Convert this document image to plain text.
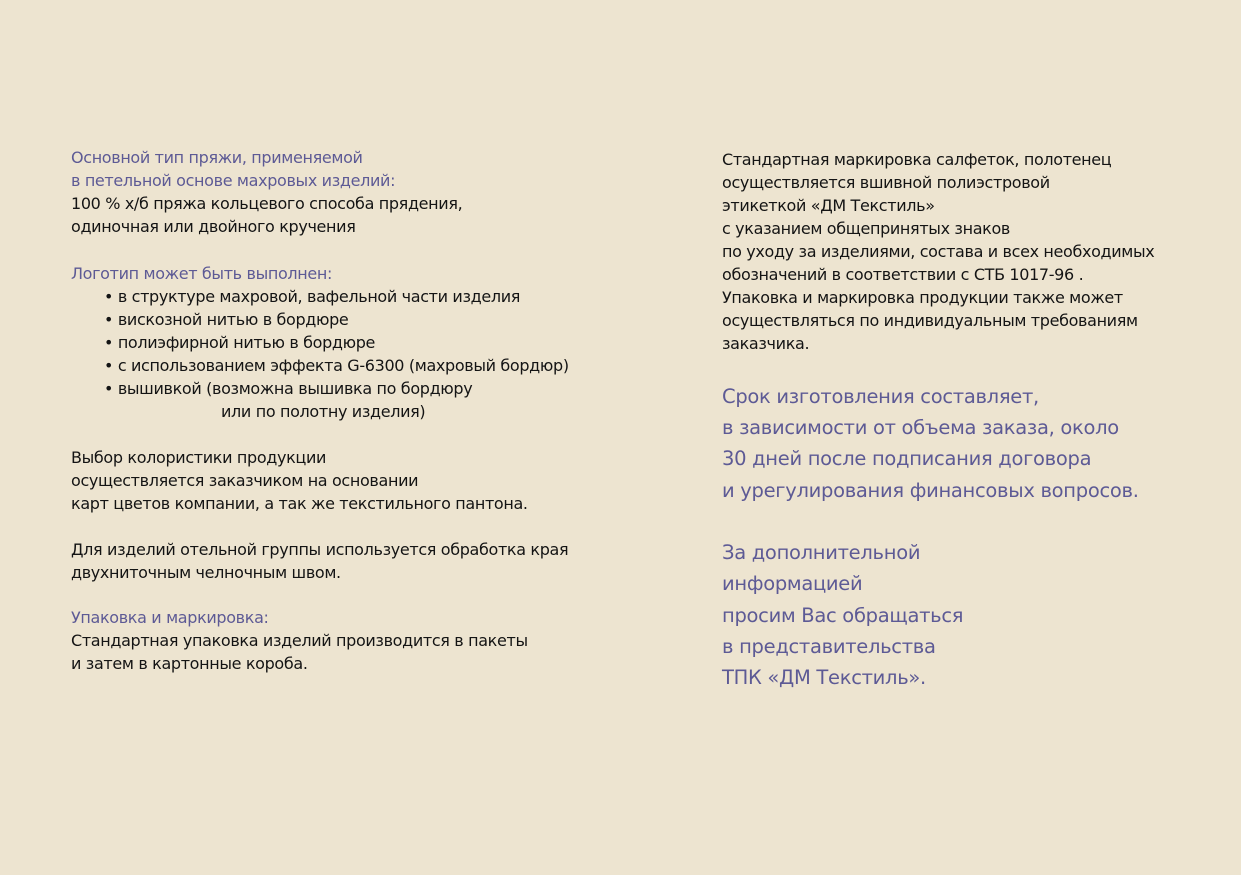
Основной тип пряжи, применяемой
в петельной основе махровых изделий:
100 % х/б пряжа кольцевого способа прядения,
одиночная или двойного кручения
Логотип может быть выполнен:
• в структуре махровой, вафельной части изделия
• вискозной нитью в бордюре
• полиэфирной нитью в бордюре
• с использованием эффекта G-6300 (махровый бордюр)
• вышивкой (возможна вышивка по бордюру
или по полотну изделия)
Выбор колористики продукции
осуществляется заказчиком на основании
карт цветов компании, а так же текстильного пантона.
Для изделий отельной группы используется обработка края
двухниточным челночным швом.
Упаковка и маркировка:
Стандартная упаковка изделий производится в пакеты
и затем в картонные короба.
Стандартная маркировка салфеток, полотенец
осуществляется вшивной полиэстровой
этикеткой «ДМ Текстиль»
с указанием общепринятых знаков
по уходу за изделиями, состава и всех необходимых
обозначений в соответствии с СТБ 1017-96 .
Упаковка и маркировка продукции также может
осуществляться по индивидуальным требованиям
заказчика.
Срок изготовления составляет,
в зависимости от объема заказа, около
30 дней после подписания договора
и урегулирования финансовых вопросов.
За дополнительной
информацией
просим Вас обращаться
в представительства
ТПК «ДМ Текстиль».
